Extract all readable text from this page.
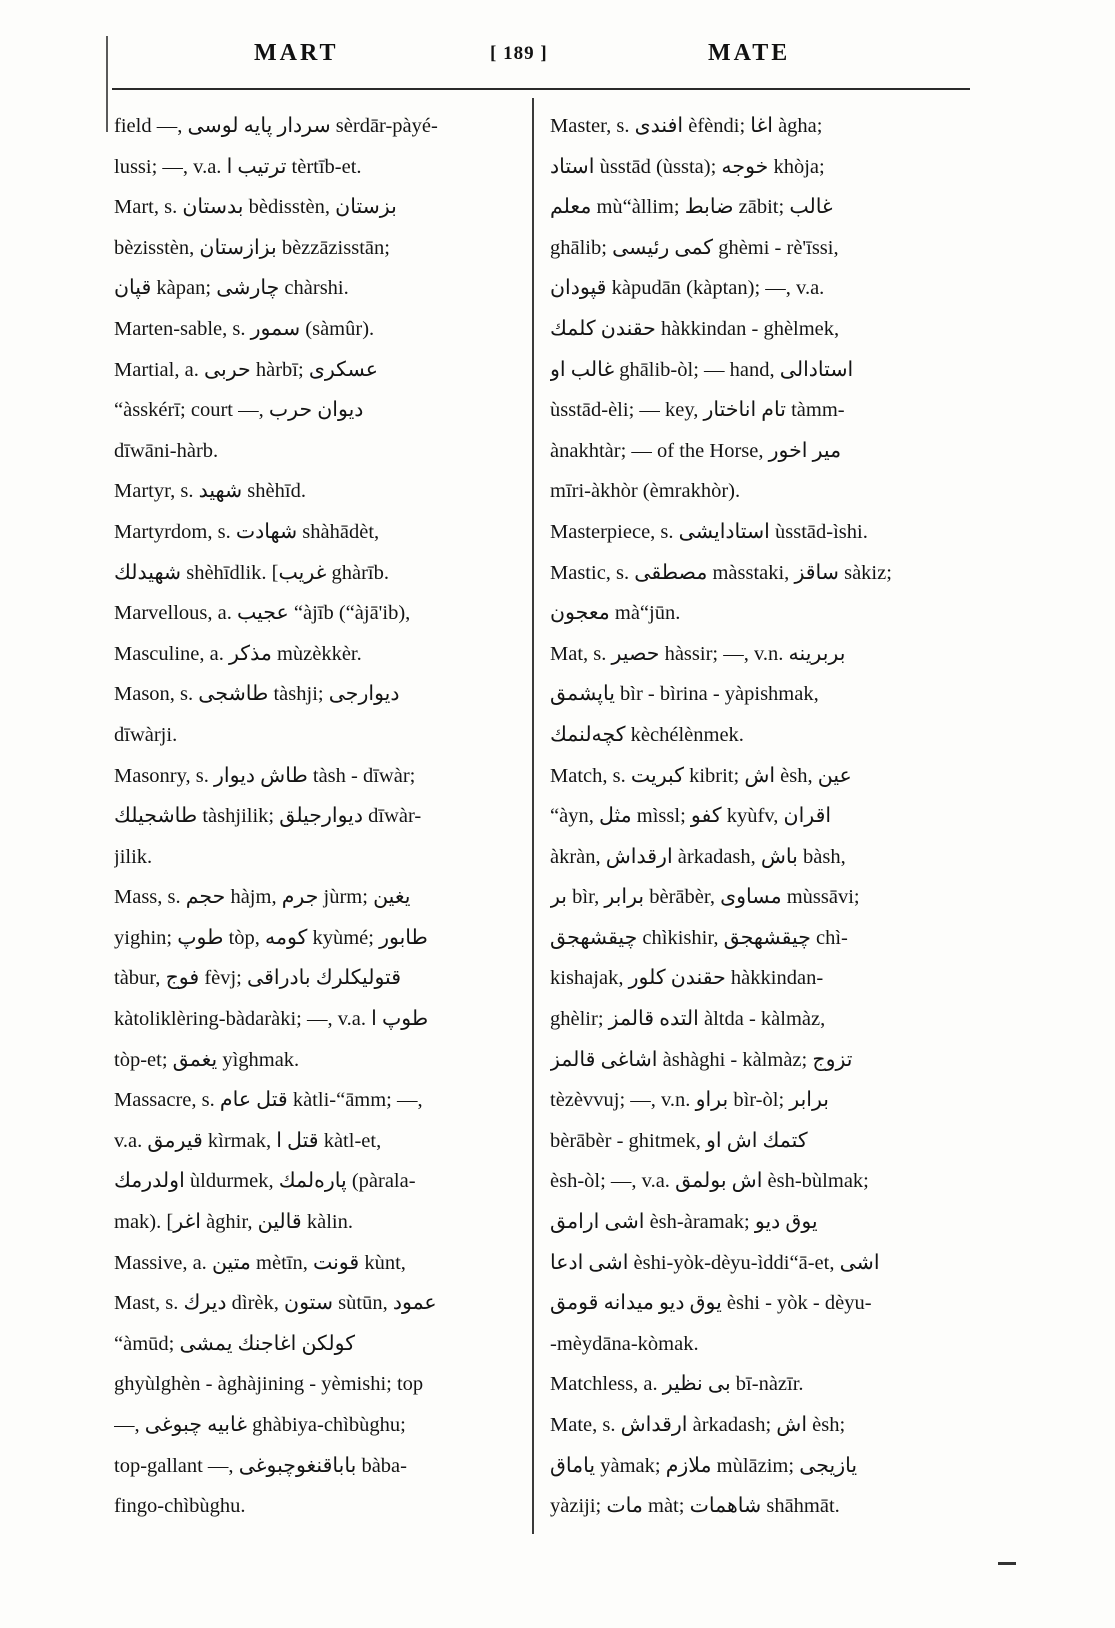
MART	[ 189 ]	MATE
field —, سردار پایه لوسی sèrdār-pàyé-
lussi; —, v.a. ترتیب ا tèrtīb-et.
Mart, s. بدستان bèdisstèn, بزستان
bèzisstèn, بزازستان bèzzāzisstān;
قپان kàpan; چارشی chàrshi.
Marten-sable, s. سمور (sàmûr).
Martial, a. حربی hàrbī; عسکری
“àsskérī; court —, دیوان حرب
dīwāni-hàrb.
Martyr, s. شهید shèhīd.
Martyrdom, s. شهادت shàhādèt,
شهیدلك shèhīdlik. [غریب ghàrīb.
Marvellous, a. عجیب “àjīb (“àjā'ib),
Masculine, a. مذکر mùzèkkèr.
Mason, s. طاشجی tàshji; دیوارجی
dīwàrji.
Masonry, s. طاش دیوار tàsh - dīwàr;
طاشجیلك tàshjilik; دیوارجیلق dīwàr-
jilik.
Mass, s. حجم hàjm, جرم jùrm; یغین
yighin; طوپ tòp, کومه kyùmé; طابور
tàbur, فوج fèvj; قتولیکلرك بادراقی
kàtoliklèring-bàdaràki; —, v.a. طوپ ا
tòp-et; یغمق yìghmak.
Massacre, s. قتل عام kàtli-“āmm; —,
v.a. قیرمق kìrmak, قتل ا kàtl-et,
اولدرمك ùldurmek, پارەلمك (pàrala-
mak). [اغر àghir, قالین kàlin.
Massive, a. متین mètīn, قونت kùnt,
Mast, s. دیرك dìrèk, ستون sùtūn, عمود
“àmūd; کولکن اغاجنك یمشی
ghyùlghèn - àghàjining - yèmishi; top
—, غابیه چبوغی ghàbiya-chìbùghu;
top-gallant —, باباقنغوچبوغی bàba-
fingo-chìbùghu.
Master, s. افندی èfèndi; اغا àgha;
استاد ùsstād (ùssta); خوجه khòja;
معلم mù“àllim; ضابط zābit; غالب
ghālib; کمی رئیسی ghèmi - rè'īssi,
قپودان kàpudān (kàptan); —, v.a.
حقندن کلمك hàkkindan - ghèlmek,
غالب او ghālib-òl; — hand, استادالی
ùsstād-èli; — key, تام اناختار tàmm-
ànakhtàr; — of the Horse, میر اخور
mīri-àkhòr (èmrakhòr).
Masterpiece, s. استادایشی ùsstād-ìshi.
Mastic, s. مصطقی màsstaki, ساقز sàkiz;
معجون mà“jūn.
Mat, s. حصیر hàssir; —, v.n. بربرینه
یاپشمق bìr - bìrina - yàpishmak,
کچەلنمك kèchélènmek.
Match, s. کبریت kibrit; اش èsh, عین
“àyn, مثل mìssl; کفو kyùfv, اقران
àkràn, ارقداش àrkadash, باش bàsh,
بر bìr, برابر bèrābèr, مساوی mùssāvi;
چیقشهجق chìkishir, چیقشهجق chì-
kishajak, حقندن کلور hàkkindan-
ghèlir; التده قالمز àltda - kàlmàz,
اشاغی قالمز àshàghi - kàlmàz; تزوج
tèzèvvuj; —, v.n. براو bìr-òl; برابر
bèrābèr - ghitmek, کتمك اش او
èsh-òl; —, v.a. اش بولمق èsh-bùlmak;
اشی ارامق èsh-àramak; یوق دیو
اشی ادعا èshi-yòk-dèyu-ìddi“ā-et, اشی
یوق دیو میدانه قومق èshi - yòk - dèyu-
-mèydāna-kòmak.
Matchless, a. بی نظیر bī-nàzīr.
Mate, s. ارقداش àrkadash; اش èsh;
یاماق yàmak; ملازم mùlāzim; یازیجی
yàziji; مات màt; شاهمات shāhmāt.
